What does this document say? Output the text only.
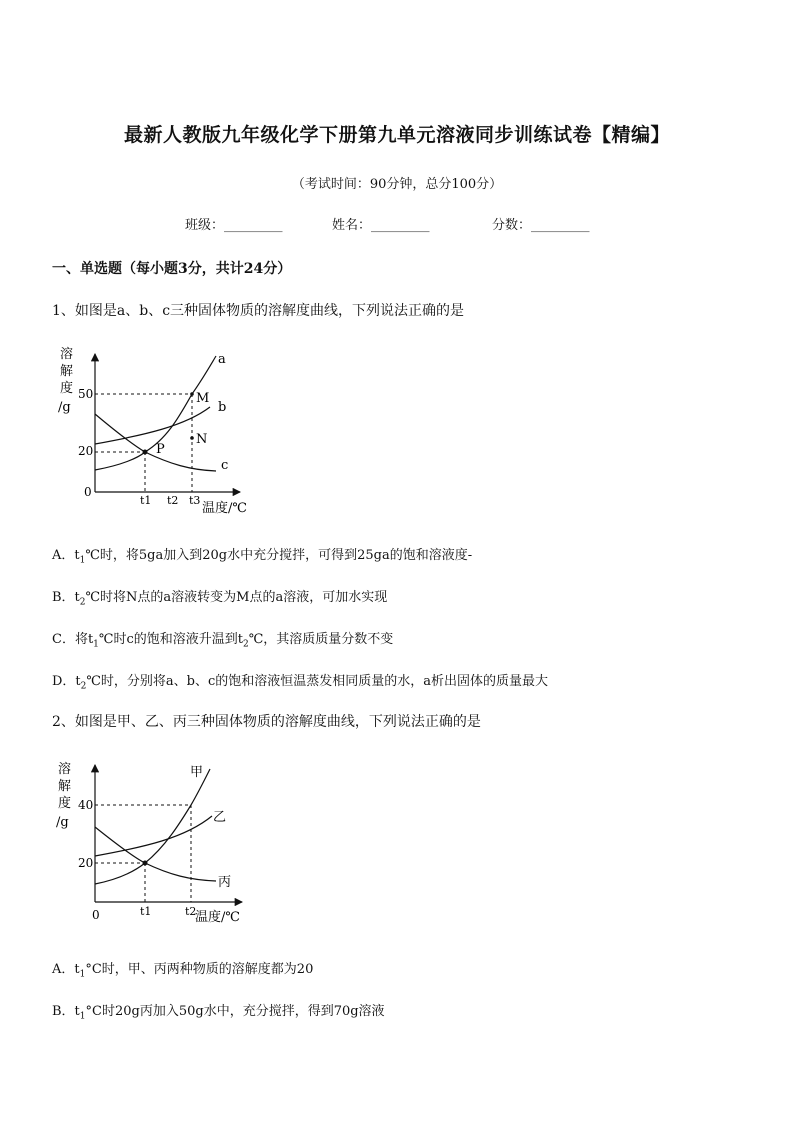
最新人教版九年级化学下册第九单元溶液同步训练试卷【精编】
（考试时间：90分钟，总分100分）
班级：_________	姓名：_________	分数：_________
一、单选题（每小题3分，共计24分）
1、如图是a、b、c三种固体物质的溶解度曲线，下列说法正确的是
溶
解
度
/g
50
20
0
a
b
c
M
P
N
t1 t2 t3
温度/℃
A．$t_1℃$时，将5ga加入到20g水中充分搅拌，可得到25ga的饱和溶液度-
B．$t_2℃$时将N点的a溶液转变为M点的a溶液，可加水实现
C．将$t_1℃$时c的饱和溶液升温到$t_2℃$，其溶质质量分数不变
D．$t_2℃$时，分别将a、b、c的饱和溶液恒温蒸发相同质量的水，a析出固体的质量最大
2、如图是甲、乙、丙三种固体物质的溶解度曲线，下列说法正确的是
溶
解
度
/g
40
20
0
甲
乙
丙
t1	t2
温度/℃
A．$t_1^\circ C$时，甲、丙两种物质的溶解度都为20
B．$t_1^\circ C$时20g丙加入50g水中，充分搅拌，得到70g溶液
